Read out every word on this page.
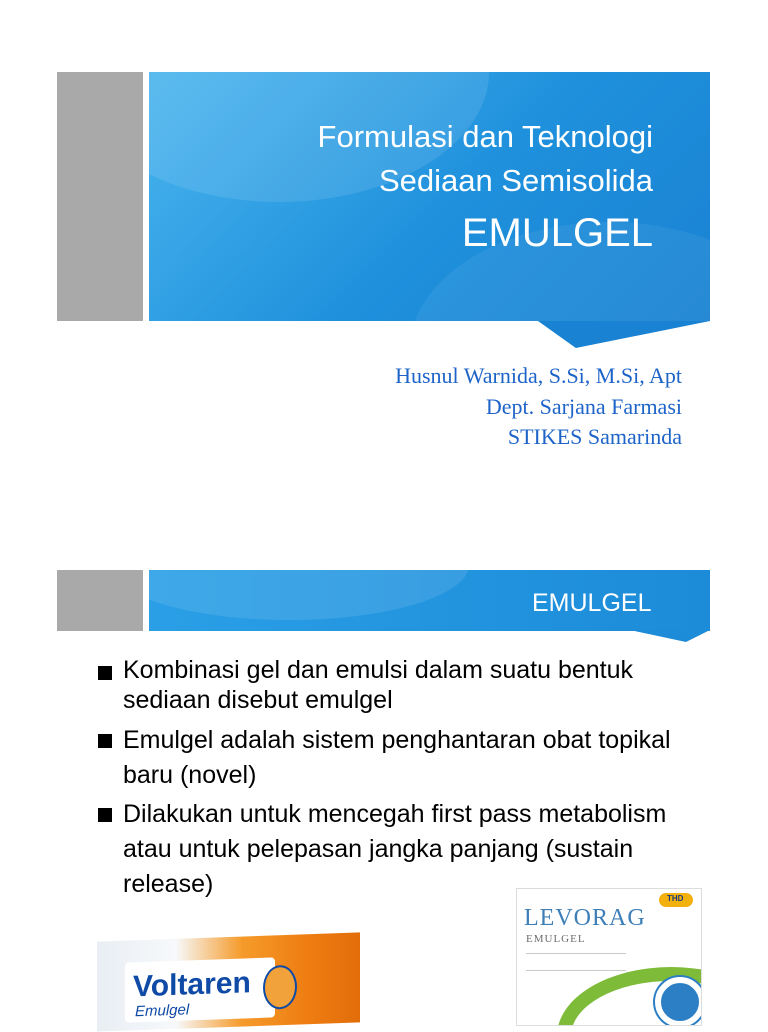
Formulasi dan Teknologi
Sediaan Semisolida
EMULGEL
Husnul Warnida, S.Si, M.Si, Apt
Dept. Sarjana Farmasi
STIKES Samarinda
EMULGEL
Kombinasi gel dan emulsi dalam suatu bentuk sediaan disebut emulgel
Emulgel adalah sistem penghantaran obat topikal baru (novel)
Dilakukan untuk mencegah first pass metabolism atau untuk pelepasan jangka panjang (sustain release)
Voltaren
Emulgel
THD
LEVORAG
EMULGEL
